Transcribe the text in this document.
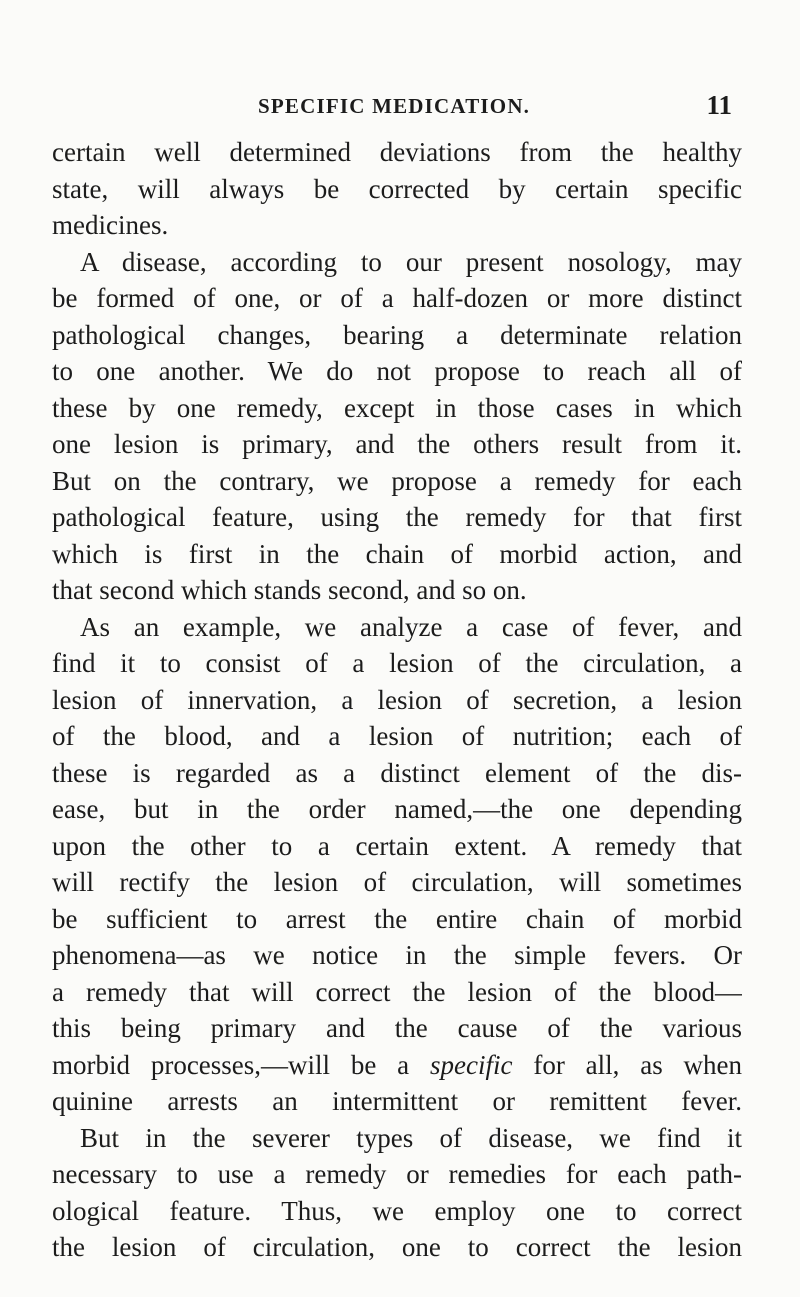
SPECIFIC MEDICATION.	11
certain well determined deviations from the healthy
state, will always be corrected by certain specific
medicines.
A disease, according to our present nosology, may
be formed of one, or of a half-dozen or more distinct
pathological changes, bearing a determinate relation
to one another. We do not propose to reach all of
these by one remedy, except in those cases in which
one lesion is primary, and the others result from it.
But on the contrary, we propose a remedy for each
pathological feature, using the remedy for that first
which is first in the chain of morbid action, and
that second which stands second, and so on.
As an example, we analyze a case of fever, and
find it to consist of a lesion of the circulation, a
lesion of innervation, a lesion of secretion, a lesion
of the blood, and a lesion of nutrition; each of
these is regarded as a distinct element of the dis-
ease, but in the order named,—the one depending
upon the other to a certain extent. A remedy that
will rectify the lesion of circulation, will sometimes
be sufficient to arrest the entire chain of morbid
phenomena—as we notice in the simple fevers. Or
a remedy that will correct the lesion of the blood—
this being primary and the cause of the various
morbid processes,—will be a specific for all, as when
quinine arrests an intermittent or remittent fever.
But in the severer types of disease, we find it
necessary to use a remedy or remedies for each path-
ological feature. Thus, we employ one to correct
the lesion of circulation, one to correct the lesion
